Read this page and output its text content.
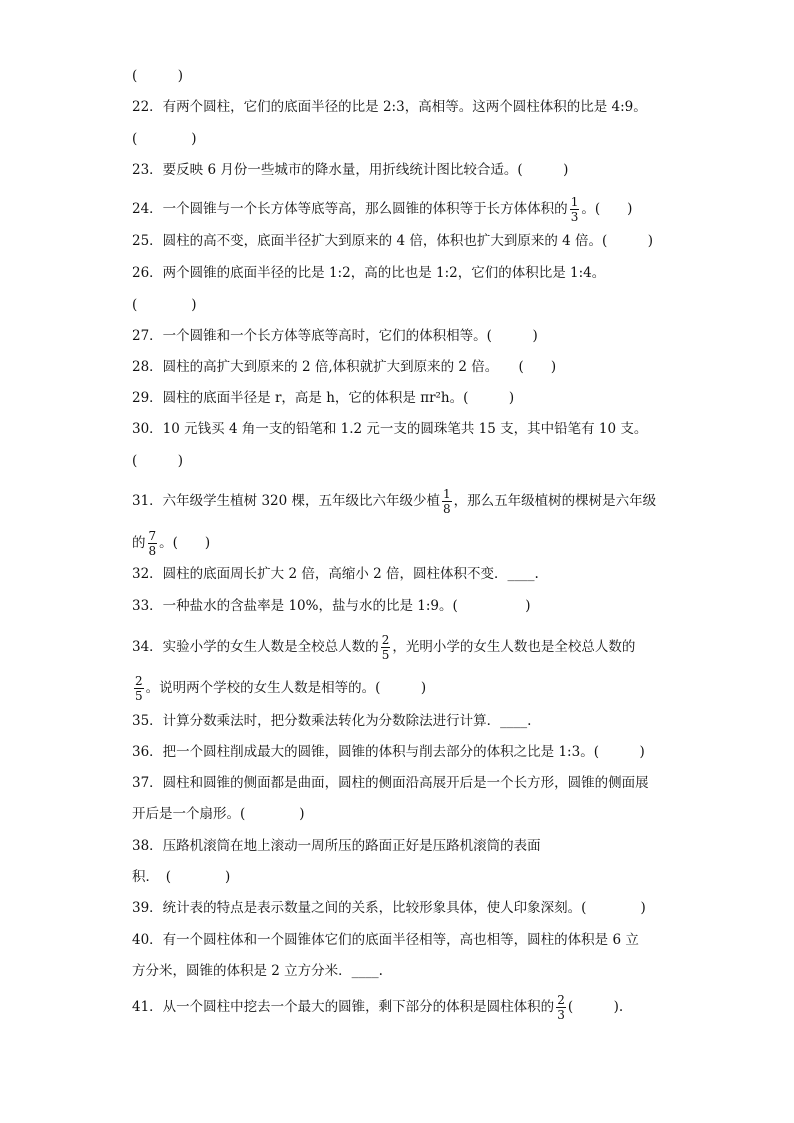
(　　　)
22．有两个圆柱，它们的底面半径的比是 2:3，高相等。这两个圆柱体积的比是 4:9。
(　　　　)
23．要反映 6 月份一些城市的降水量，用折线统计图比较合适。(　　　)
24．一个圆锥与一个长方体等底等高，那么圆锥的体积等于长方体体积的 $\frac{1}{3}$ 。(　　)
25．圆柱的高不变，底面半径扩大到原来的 4 倍，体积也扩大到原来的 4 倍。(　　　)
26．两个圆锥的底面半径的比是 1:2，高的比也是 1:2，它们的体积比是 1:4。
(　　　　)
27．一个圆锥和一个长方体等底等高时，它们的体积相等。(　　　)
28．圆柱的高扩大到原来的 2 倍,体积就扩大到原来的 2 倍。　　(　　)
29．圆柱的底面半径是 r，高是 h，它的体积是 πr²h。(　　　)
30．10 元钱买 4 角一支的铅笔和 1.2 元一支的圆珠笔共 15 支，其中铅笔有 10 支。
(　　　)
31．六年级学生植树 320 棵，五年级比六年级少植 $\frac{1}{8}$ ，那么五年级植树的棵树是六年级
的 $\frac{7}{8}$ 。(　　)
32．圆柱的底面周长扩大 2 倍，高缩小 2 倍，圆柱体积不变．____.
33．一种盐水的含盐率是 10%，盐与水的比是 1:9。(　　　　　)
34．实验小学的女生人数是全校总人数的 $\frac{2}{5}$ ，光明小学的女生人数也是全校总人数的
$\frac{2}{5}$ 。说明两个学校的女生人数是相等的。(　　　)
35．计算分数乘法时，把分数乘法转化为分数除法进行计算．____.
36．把一个圆柱削成最大的圆锥，圆锥的体积与削去部分的体积之比是 1:3。(　　　)
37．圆柱和圆锥的侧面都是曲面，圆柱的侧面沿高展开后是一个长方形，圆锥的侧面展
开后是一个扇形。(　　　　)
38．压路机滚筒在地上滚动一周所压的路面正好是压路机滚筒的表面
积．　(　　　　)
39．统计表的特点是表示数量之间的关系，比较形象具体，使人印象深刻。(　　　　)
40．有一个圆柱体和一个圆锥体它们的底面半径相等，高也相等，圆柱的体积是 6 立
方分米，圆锥的体积是 2 立方分米．____.
41．从一个圆柱中挖去一个最大的圆锥，剩下部分的体积是圆柱体积的 $\frac{2}{3}$ (　　　).
